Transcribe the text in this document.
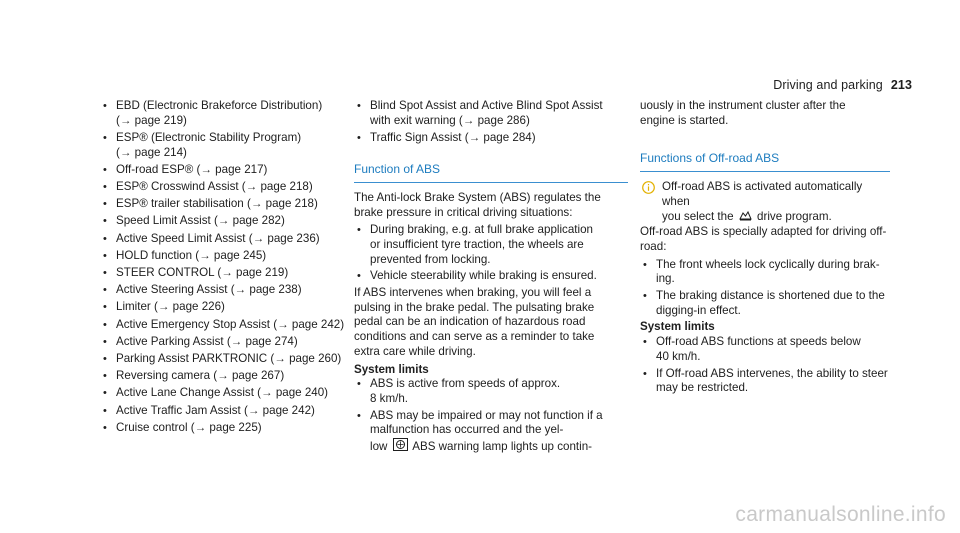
Driving and parking 213
• EBD (Electronic Brakeforce Distribution)
(→ page 219)
• ESP® (Electronic Stability Program)
(→ page 214)
• Off-road ESP® (→ page 217)
• ESP® Crosswind Assist (→ page 218)
• ESP® trailer stabilisation (→ page 218)
• Speed Limit Assist (→ page 282)
• Active Speed Limit Assist (→ page 236)
• HOLD function (→ page 245)
• STEER CONTROL (→ page 219)
• Active Steering Assist (→ page 238)
• Limiter (→ page 226)
• Active Emergency Stop Assist (→ page 242)
• Active Parking Assist (→ page 274)
• Parking Assist PARKTRONIC (→ page 260)
• Reversing camera (→ page 267)
• Active Lane Change Assist (→ page 240)
• Active Traffic Jam Assist (→ page 242)
• Cruise control (→ page 225)
• Blind Spot Assist and Active Blind Spot Assist
with exit warning (→ page 286)
• Traffic Sign Assist (→ page 284)
Function of ABS

The Anti-lock Brake System (ABS) regulates the
brake pressure in critical driving situations:

• During braking, e.g. at full brake application
or insufficient tyre traction, the wheels are
prevented from locking.
• Vehicle steerability while braking is ensured.

If ABS intervenes when braking, you will feel a
pulsing in the brake pedal. The pulsating brake
pedal can be an indication of hazardous road
conditions and can serve as a reminder to take
extra care while driving.

System limits
• ABS is active from speeds of approx.
8 km/h.
• ABS may be impaired or may not function if a
malfunction has occurred and the yel-
low ABS warning lamp lights up contin-

uously in the instrument cluster after the
engine is started.

Functions of Off-road ABS
Off-road ABS is activated automatically when
you select the drive program.

Off-road ABS is specially adapted for driving off-
road:

• The front wheels lock cyclically during brak-
ing.
• The braking distance is shortened due to the
digging-in effect.
System limits
• Off-road ABS functions at speeds below
40 km/h.
• If Off-road ABS intervenes, the ability to steer
may be restricted.
carmanualsonline.info
